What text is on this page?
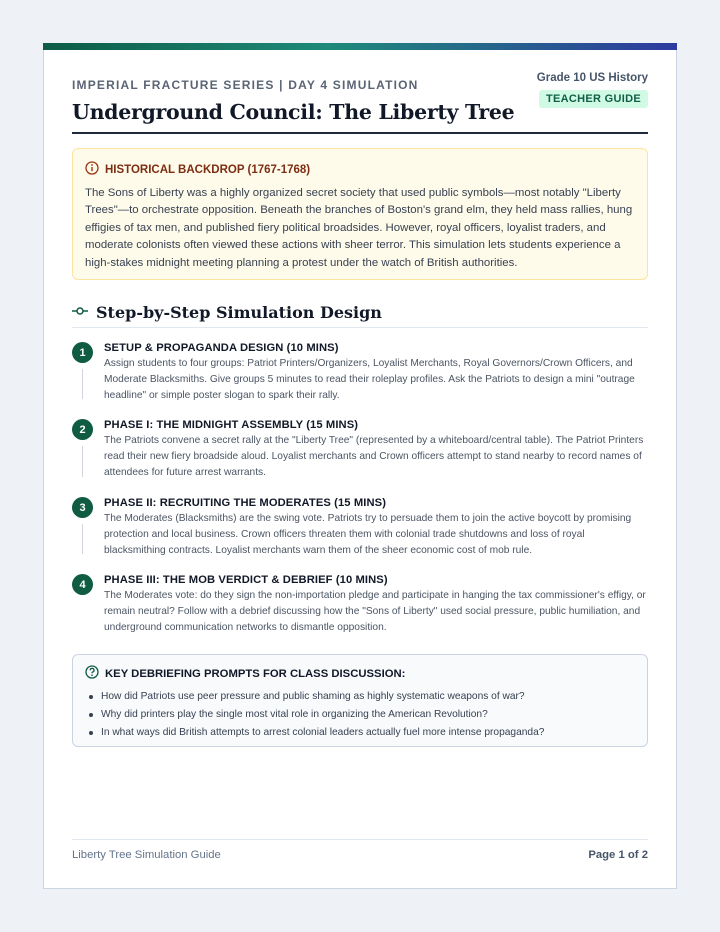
IMPERIAL FRACTURE SERIES | DAY 4 SIMULATION
Underground Council: The Liberty Tree
Grade 10 US History
TEACHER GUIDE
HISTORICAL BACKDROP (1767-1768)
The Sons of Liberty was a highly organized secret society that used public symbols—most notably "Liberty Trees"—to orchestrate opposition. Beneath the branches of Boston's grand elm, they held mass rallies, hung effigies of tax men, and published fiery political broadsides. However, royal officers, loyalist traders, and moderate colonists often viewed these actions with sheer terror. This simulation lets students experience a high-stakes midnight meeting planning a protest under the watch of British authorities.
Step-by-Step Simulation Design
1	SETUP & PROPAGANDA DESIGN (10 MINS)
Assign students to four groups: Patriot Printers/Organizers, Loyalist Merchants, Royal Governors/Crown Officers, and Moderate Blacksmiths. Give groups 5 minutes to read their roleplay profiles. Ask the Patriots to design a mini "outrage headline" or simple poster slogan to spark their rally.
2	PHASE I: THE MIDNIGHT ASSEMBLY (15 MINS)
The Patriots convene a secret rally at the "Liberty Tree" (represented by a whiteboard/central table). The Patriot Printers read their new fiery broadside aloud. Loyalist merchants and Crown officers attempt to stand nearby to record names of attendees for future arrest warrants.
3	PHASE II: RECRUITING THE MODERATES (15 MINS)
The Moderates (Blacksmiths) are the swing vote. Patriots try to persuade them to join the active boycott by promising protection and local business. Crown officers threaten them with colonial trade shutdowns and loss of royal blacksmithing contracts. Loyalist merchants warn them of the sheer economic cost of mob rule.
4	PHASE III: THE MOB VERDICT & DEBRIEF (10 MINS)
The Moderates vote: do they sign the non-importation pledge and participate in hanging the tax commissioner's effigy, or remain neutral? Follow with a debrief discussing how the "Sons of Liberty" used social pressure, public humiliation, and underground communication networks to dismantle opposition.
KEY DEBRIEFING PROMPTS FOR CLASS DISCUSSION:
How did Patriots use peer pressure and public shaming as highly systematic weapons of war?
Why did printers play the single most vital role in organizing the American Revolution?
In what ways did British attempts to arrest colonial leaders actually fuel more intense propaganda?
Liberty Tree Simulation Guide	Page 1 of 2
